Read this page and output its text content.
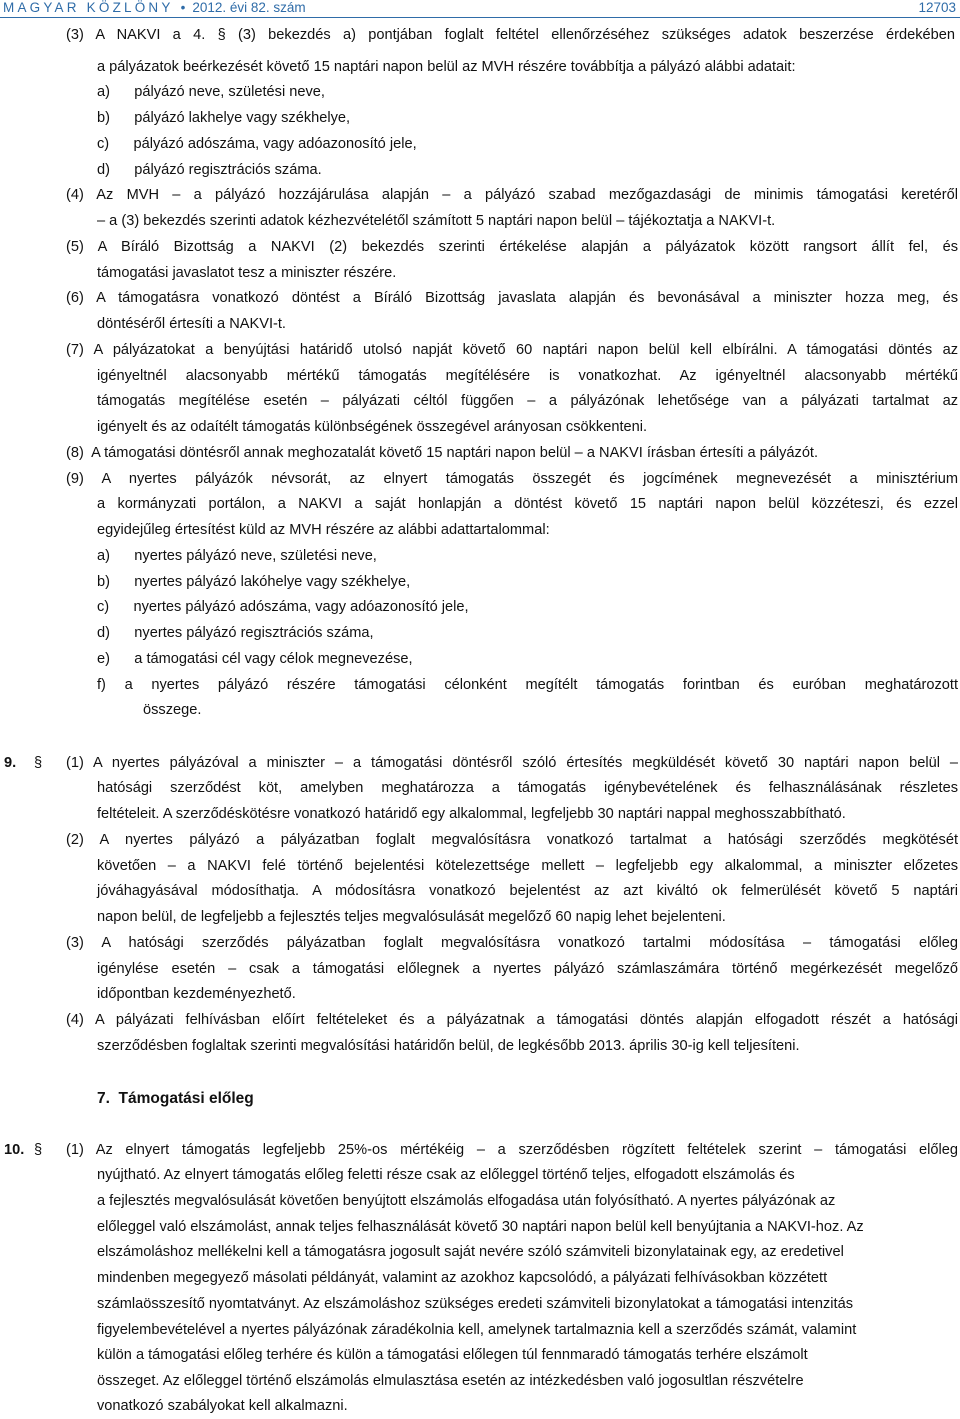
MAGYAR KÖZLÖNY • 2012. évi 82. szám	12703
(3) A NAKVI a 4. § (3) bekezdés a) pontjában foglalt feltétel ellenőrzéséhez szükséges adatok beszerzése érdekében
a pályázatok beérkezését követő 15 naptári napon belül az MVH részére továbbítja a pályázó alábbi adatait:
a)      pályázó neve, születési neve,
b)      pályázó lakhelye vagy székhelye,
c)      pályázó adószáma, vagy adóazonosító jele,
d)      pályázó regisztrációs száma.
(4) Az MVH – a pályázó hozzájárulása alapján – a pályázó szabad mezőgazdasági de minimis támogatási keretéről
– a (3) bekezdés szerinti adatok kézhezvételétől számított 5 naptári napon belül – tájékoztatja a NAKVI-t.
(5) A Bíráló Bizottság a NAKVI (2) bekezdés szerinti értékelése alapján a pályázatok között rangsort állít fel, és
támogatási javaslatot tesz a miniszter részére.
(6) A támogatásra vonatkozó döntést a Bíráló Bizottság javaslata alapján és bevonásával a miniszter hozza meg, és
döntéséről értesíti a NAKVI-t.
(7) A pályázatokat a benyújtási határidő utolsó napját követő 60 naptári napon belül kell elbírálni. A támogatási döntés az
igényeltnél alacsonyabb mértékű támogatás megítélésére is vonatkozhat. Az igényeltnél alacsonyabb mértékű
támogatás megítélése esetén – pályázati céltól függően – a pályázónak lehetősége van a pályázati tartalmat az
igényelt és az odaítélt támogatás különbségének összegével arányosan csökkenteni.
(8)  A támogatási döntésről annak meghozatalát követő 15 naptári napon belül – a NAKVI írásban értesíti a pályázót.
(9) A nyertes pályázók névsorát, az elnyert támogatás összegét és jogcímének megnevezését a minisztérium
a kormányzati portálon, a NAKVI a saját honlapján a döntést követő 15 naptári napon belül közzéteszi, és ezzel
egyidejűleg értesítést küld az MVH részére az alábbi adattartalommal:
a)      nyertes pályázó neve, születési neve,
b)      nyertes pályázó lakóhelye vagy székhelye,
c)      nyertes pályázó adószáma, vagy adóazonosító jele,
d)      nyertes pályázó regisztrációs száma,
e)      a támogatási cél vagy célok megnevezése,
f) a nyertes pályázó részére támogatási célonként megítélt támogatás forintban és euróban meghatározott
összege.
(1) A nyertes pályázóval a miniszter – a támogatási döntésről szóló értesítés megküldését követő 30 naptári napon belül –
hatósági szerződést köt, amelyben meghatározza a támogatás igénybevételének és felhasználásának részletes
feltételeit. A szerződéskötésre vonatkozó határidő egy alkalommal, legfeljebb 30 naptári nappal meghosszabbítható.
(2) A nyertes pályázó a pályázatban foglalt megvalósításra vonatkozó tartalmat a hatósági szerződés megkötését
követően – a NAKVI felé történő bejelentési kötelezettsége mellett – legfeljebb egy alkalommal, a miniszter előzetes
jóváhagyásával módosíthatja. A módosításra vonatkozó bejelentést az azt kiváltó ok felmerülését követő 5 naptári
napon belül, de legfeljebb a fejlesztés teljes megvalósulását megelőző 60 napig lehet bejelenteni.
(3) A hatósági szerződés pályázatban foglalt megvalósításra vonatkozó tartalmi módosítása – támogatási előleg
igénylése esetén – csak a támogatási előlegnek a nyertes pályázó számlaszámára történő megérkezését megelőző
időpontban kezdeményezhető.
(4) A pályázati felhívásban előírt feltételeket és a pályázatnak a támogatási döntés alapján elfogadott részét a hatósági
szerződésben foglaltak szerinti megvalósítási határidőn belül, de legkésőbb 2013. április 30-ig kell teljesíteni.
(1) Az elnyert támogatás legfeljebb 25%-os mértékéig – a szerződésben rögzített feltételek szerint – támogatási előleg
nyújtható. Az elnyert támogatás előleg feletti része csak az előleggel történő teljes, elfogadott elszámolás és
a fejlesztés megvalósulását követően benyújtott elszámolás elfogadása után folyósítható. A nyertes pályázónak az
előleggel való elszámolást, annak teljes felhasználását követő 30 naptári napon belül kell benyújtania a NAKVI-hoz. Az
elszámoláshoz mellékelni kell a támogatásra jogosult saját nevére szóló számviteli bizonylatainak egy, az eredetivel
mindenben megegyező másolati példányát, valamint az azokhoz kapcsolódó, a pályázati felhívásokban közzétett
számlaösszesítő nyomtatványt. Az elszámoláshoz szükséges eredeti számviteli bizonylatokat a támogatási intenzitás
figyelembevételével a nyertes pályázónak záradékolnia kell, amelynek tartalmaznia kell a szerződés számát, valamint
külön a támogatási előleg terhére és külön a támogatási előlegen túl fennmaradó támogatás terhére elszámolt
összeget. Az előleggel történő elszámolás elmulasztása esetén az intézkedésben való jogosultlan részvételre
vonatkozó szabályokat kell alkalmazni.
9. §
10. §
7.  Támogatási előleg
